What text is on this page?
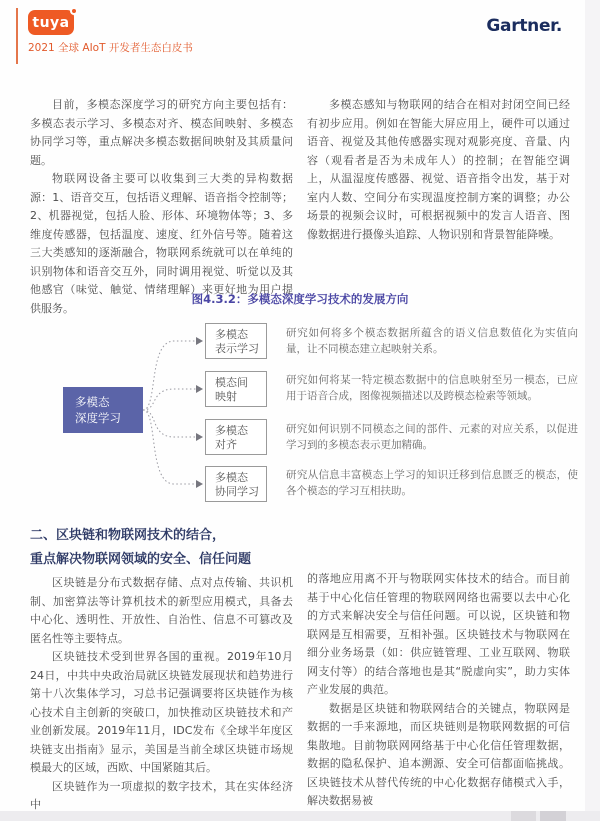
tuya
2021 全球 AIoT 开发者生态白皮书
Gartner.

目前，多模态深度学习的研究方向主要包括有：多模态表示学习、多模态对齐、模态间映射、多模态协同学习等，重点解决多模态数据间映射及其质量问题。

物联网设备主要可以收集到三大类的异构数据源：1、语音交互，包括语义理解、语音指令控制等；2、机器视觉，包括人脸、形体、环境物体等；3、多维度传感器，包括温度、速度、红外信号等。随着这三大类感知的逐渐融合，物联网系统就可以在单纯的识别物体和语音交互外，同时调用视觉、听觉以及其他感官（味觉、触觉、情绪理解）来更好地为用户提供服务。

多模态感知与物联网的结合在相对封闭空间已经有初步应用。例如在智能大屏应用上，硬件可以通过语音、视觉及其他传感器实现对观影亮度、音量、内容（观看者是否为未成年人）的控制；在智能空调上，从温湿度传感器、视觉、语音指令出发，基于对室内人数、空间分布实现温度控制方案的调整；办公场景的视频会议时，可根据视频中的发言人语音、图像数据进行摄像头追踪、人物识别和背景智能降噪。

图4.3.2：多模态深度学习技术的发展方向
多模态
深度学习
多模态
表示学习
模态间
映射
多模态
对齐
多模态
协同学习
研究如何将多个模态数据所蕴含的语义信息数值化为实值向量，让不同模态建立起映射关系。
研究如何将某一特定模态数据中的信息映射至另一模态，已应用于语音合成，图像视频描述以及跨模态检索等领域。
研究如何识别不同模态之间的部件、元素的对应关系，以促进学习到的多模态表示更加精确。
研究从信息丰富模态上学习的知识迁移到信息匮乏的模态，使各个模态的学习互相扶助。
二、区块链和物联网技术的结合，
重点解决物联网领域的安全、信任问题

区块链是分布式数据存储、点对点传输、共识机制、加密算法等计算机技术的新型应用模式，具备去中心化、透明性、开放性、自治性、信息不可篡改及匿名性等主要特点。

区块链技术受到世界各国的重视。2019年10月24日，中共中央政治局就区块链发展现状和趋势进行第十八次集体学习，习总书记强调要将区块链作为核心技术自主创新的突破口，加快推动区块链技术和产业创新发展。2019年11月，IDC发布《全球半年度区块链支出指南》显示，美国是当前全球区块链市场规模最大的区域，西欧、中国紧随其后。

区块链作为一项虚拟的数字技术，其在实体经济中

的落地应用离不开与物联网实体技术的结合。而目前基于中心化信任管理的物联网网络也需要以去中心化的方式来解决安全与信任问题。可以说，区块链和物联网是互相需要，互相补强。区块链技术与物联网在细分业务场景（如：供应链管理、工业互联网、物联网支付等）的结合落地也是其“脱虚向实”，助力实体产业发展的典范。

数据是区块链和物联网结合的关键点，物联网是数据的一手来源地，而区块链则是物联网数据的可信集散地。目前物联网网络基于中心化信任管理数据，数据的隐私保护、追本溯源、安全可信都面临挑战。区块链技术从替代传统的中心化数据存储模式入手，解决数据易被
